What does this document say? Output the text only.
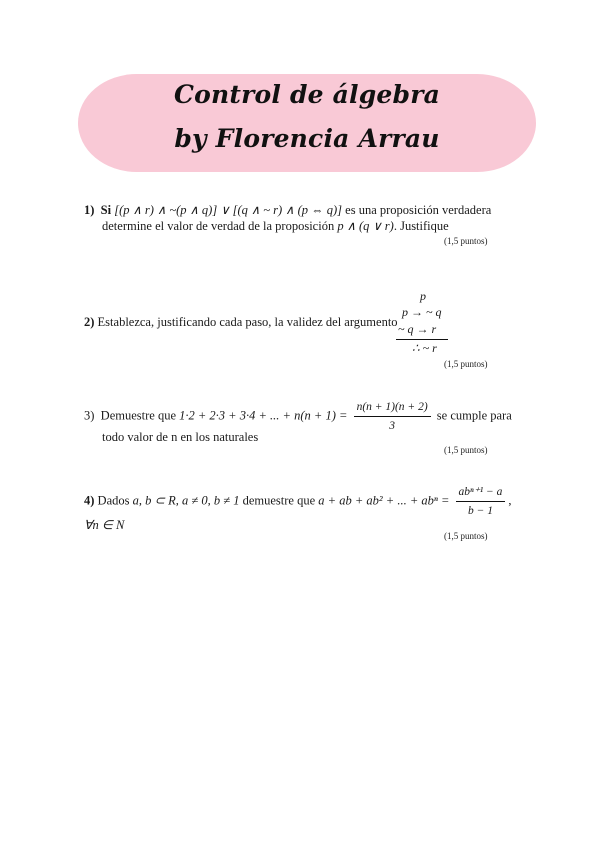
Control de álgebra
by Florencia Arrau
1) Si [(p ∧ r) ∧ ~(p ∧ q)] ∨ [(q ∧ ~ r) ∧ (p ⇔ q)] es una proposición verdadera
determine el valor de verdad de la proposición p ∧ (q ∨ r). Justifique
(1,5 puntos)
p
p → ~ q
2) Establezca, justificando cada paso, la validez del argumento ~ q → r
∴ ~ r
(1,5 puntos)
3) Demuestre que 1·2 + 2·3 + 3·4 + ... + $n(n + 1) = \frac{n(n + 1)(n + 2)}{3}$ se cumple para
todo valor de n en los naturales
(1,5 puntos)
4) Dados a, b ⊂ R, a ≠ 0, b ≠ 1 demuestre que a + ab + ab² + ... + $ab^n = \frac{\text{abⁿ⁺¹ − a}}{b - 1}$ ,
∀n ∈ N
(1,5 puntos)
